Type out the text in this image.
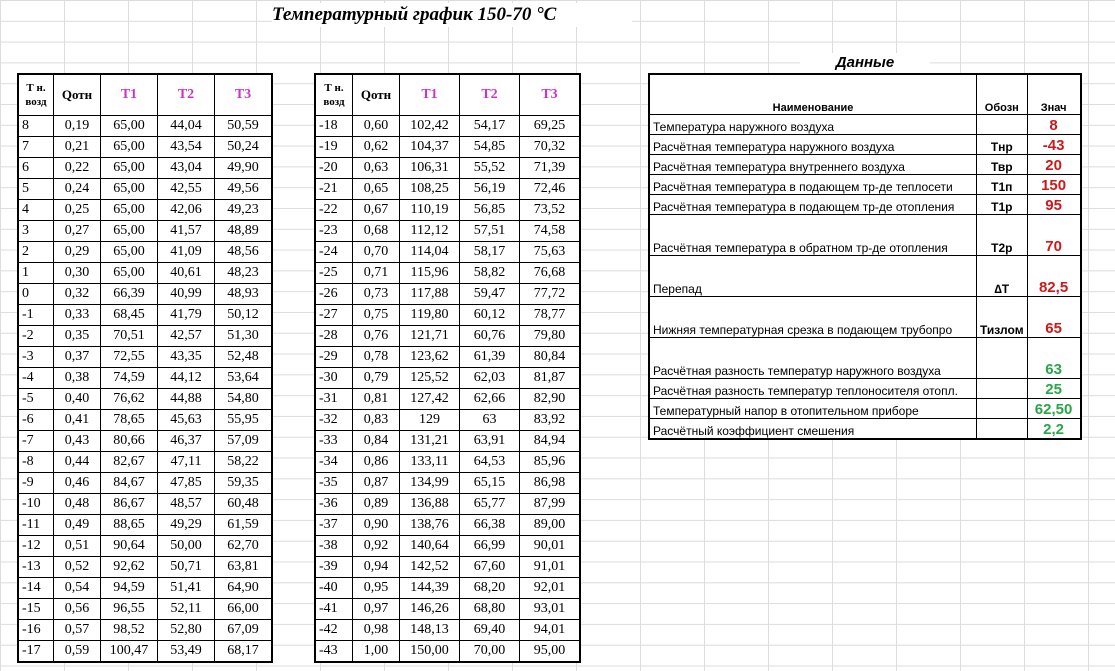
Температурный график 150-70 °С
Т н.
возд	Qотн	Т1	Т2	Т3
8	0,19	65,00	44,04	50,59
7	0,21	65,00	43,54	50,24
6	0,22	65,00	43,04	49,90
5	0,24	65,00	42,55	49,56
4	0,25	65,00	42,06	49,23
3	0,27	65,00	41,57	48,89
2	0,29	65,00	41,09	48,56
1	0,30	65,00	40,61	48,23
0	0,32	66,39	40,99	48,93
-1	0,33	68,45	41,79	50,12
-2	0,35	70,51	42,57	51,30
-3	0,37	72,55	43,35	52,48
-4	0,38	74,59	44,12	53,64
-5	0,40	76,62	44,88	54,80
-6	0,41	78,65	45,63	55,95
-7	0,43	80,66	46,37	57,09
-8	0,44	82,67	47,11	58,22
-9	0,46	84,67	47,85	59,35
-10	0,48	86,67	48,57	60,48
-11	0,49	88,65	49,29	61,59
-12	0,51	90,64	50,00	62,70
-13	0,52	92,62	50,71	63,81
-14	0,54	94,59	51,41	64,90
-15	0,56	96,55	52,11	66,00
-16	0,57	98,52	52,80	67,09
-17	0,59	100,47	53,49	68,17
Т н.
возд	Qотн	Т1	Т2	Т3
-18	0,60	102,42	54,17	69,25
-19	0,62	104,37	54,85	70,32
-20	0,63	106,31	55,52	71,39
-21	0,65	108,25	56,19	72,46
-22	0,67	110,19	56,85	73,52
-23	0,68	112,12	57,51	74,58
-24	0,70	114,04	58,17	75,63
-25	0,71	115,96	58,82	76,68
-26	0,73	117,88	59,47	77,72
-27	0,75	119,80	60,12	78,77
-28	0,76	121,71	60,76	79,80
-29	0,78	123,62	61,39	80,84
-30	0,79	125,52	62,03	81,87
-31	0,81	127,42	62,66	82,90
-32	0,83	129	63	83,92
-33	0,84	131,21	63,91	84,94
-34	0,86	133,11	64,53	85,96
-35	0,87	134,99	65,15	86,98
-36	0,89	136,88	65,77	87,99
-37	0,90	138,76	66,38	89,00
-38	0,92	140,64	66,99	90,01
-39	0,94	142,52	67,60	91,01
-40	0,95	144,39	68,20	92,01
-41	0,97	146,26	68,80	93,01
-42	0,98	148,13	69,40	94,01
-43	1,00	150,00	70,00	95,00
Данные
Наименование	Обозн	Знач
Температура наружного воздуха		8
Расчётная температура наружного воздуха	Тнр	-43
Расчётная температура внутреннего воздуха	Твр	20
Расчётная температура в подающем тр-де теплосети	Т1п	150
Расчётная температура в подающем тр-де отопления	Т1р	95
Расчётная температура в обратном тр-де отопления	Т2р	70
Перепад	∆Т	82,5
Нижняя температурная срезка в подающем трубопро	Тизлом	65
Расчётная разность температур наружного воздуха		63
Расчётная разность температур теплоносителя отопл.		25
Температурный напор в отопительном приборе		62,50
Расчётный коэффициент смешения		2,2
